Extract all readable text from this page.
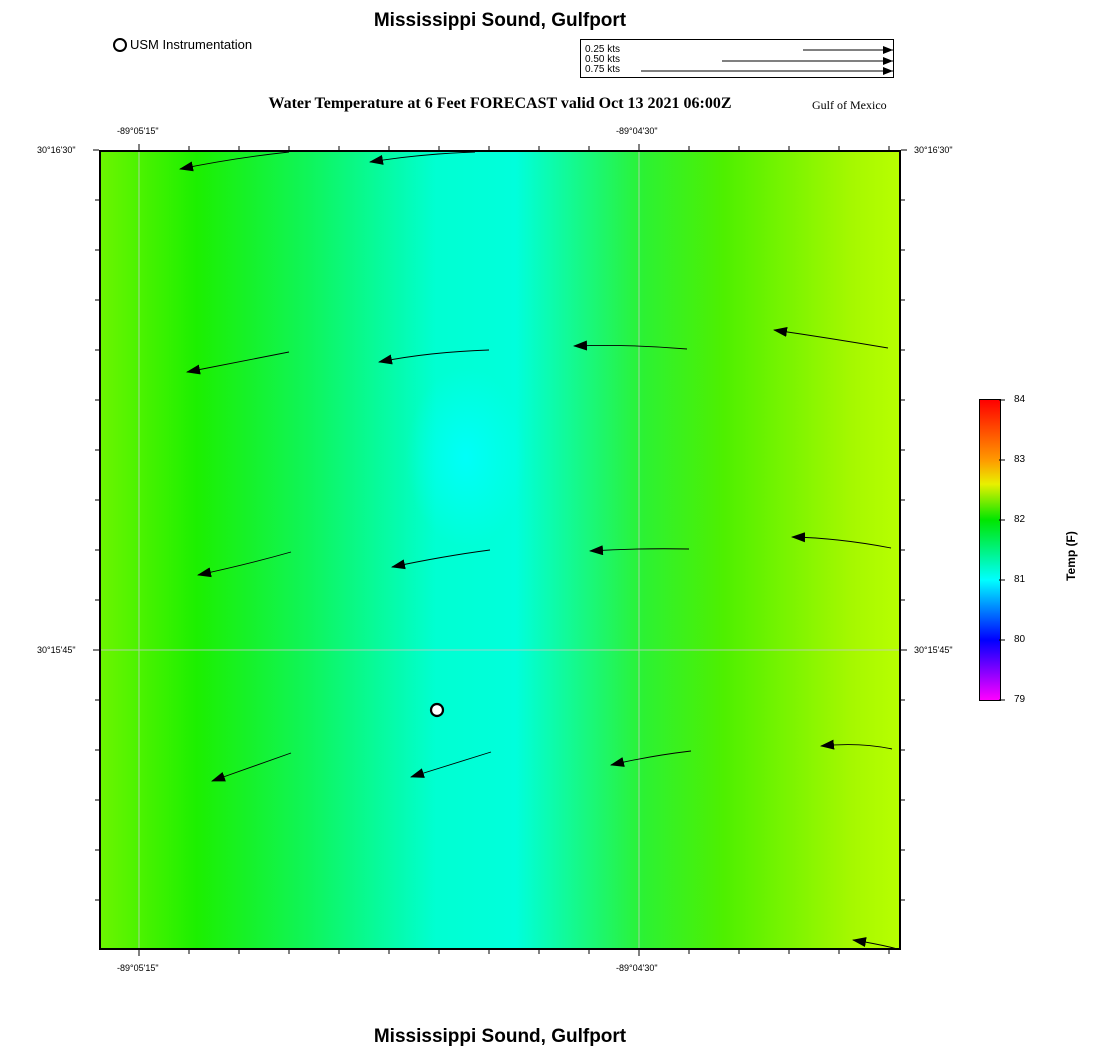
Mississippi Sound, Gulfport
USM Instrumentation	0.25 kts
0.50 kts
0.75 kts
Water Temperature at 6 Feet FORECAST valid Oct 13 2021 06:00Z	Gulf of Mexico
-89°05'15"	-89°04'30"
-89°05'15"	-89°04'30"
30°16'30"
30°15'45"
30°16'30"
30°15'45"
84
83
82
81
80
79
Temp (F)
Mississippi Sound, Gulfport
